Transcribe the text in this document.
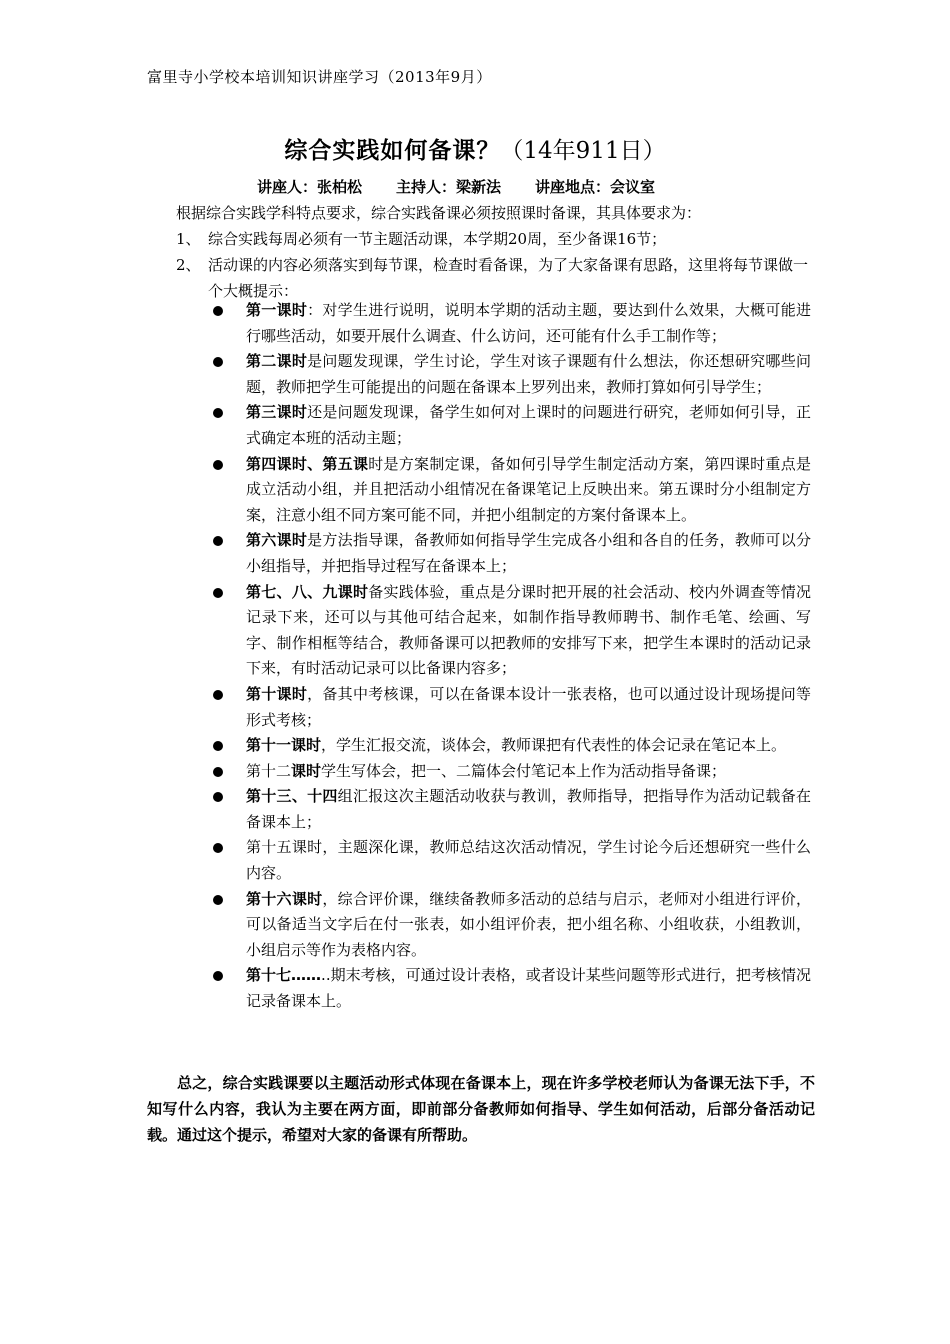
富里寺小学校本培训知识讲座学习（2013年9月）
综合实践如何备课？（14年911日）
讲座人：张柏松 主持人：梁新法 讲座地点：会议室
根据综合实践学科特点要求，综合实践备课必须按照课时备课，其具体要求为：
1、 综合实践每周必须有一节主题活动课，本学期20周，至少备课16节；
2、 活动课的内容必须落实到每节课，检查时看备课，为了大家备课有思路，这里将每节课做一个大概提示：
第一课时：对学生进行说明，说明本学期的活动主题，要达到什么效果，大概可能进行哪些活动，如要开展什么调查、什么访问，还可能有什么手工制作等；
第二课时是问题发现课，学生讨论，学生对该子课题有什么想法，你还想研究哪些问题，教师把学生可能提出的问题在备课本上罗列出来，教师打算如何引导学生；
第三课时还是问题发现课，备学生如何对上课时的问题进行研究，老师如何引导，正式确定本班的活动主题；
第四课时、第五课时是方案制定课，备如何引导学生制定活动方案，第四课时重点是成立活动小组，并且把活动小组情况在备课笔记上反映出来。第五课时分小组制定方案，注意小组不同方案可能不同，并把小组制定的方案付备课本上。
第六课时是方法指导课，备教师如何指导学生完成各小组和各自的任务，教师可以分小组指导，并把指导过程写在备课本上；
第七、八、九课时备实践体验，重点是分课时把开展的社会活动、校内外调查等情况记录下来，还可以与其他可结合起来，如制作指导教师聘书、制作毛笔、绘画、写字、制作相框等结合，教师备课可以把教师的安排写下来，把学生本课时的活动记录下来，有时活动记录可以比备课内容多；
第十课时，备其中考核课，可以在备课本设计一张表格，也可以通过设计现场提问等形式考核；
第十一课时，学生汇报交流，谈体会，教师课把有代表性的体会记录在笔记本上。
第十二课时学生写体会，把一、二篇体会付笔记本上作为活动指导备课；
第十三、十四组汇报这次主题活动收获与教训，教师指导，把指导作为活动记载备在备课本上；
第十五课时，主题深化课，教师总结这次活动情况，学生讨论今后还想研究一些什么内容。
第十六课时，综合评价课，继续备教师多活动的总结与启示，老师对小组进行评价，可以备适当文字后在付一张表，如小组评价表，把小组名称、小组收获，小组教训，小组启示等作为表格内容。
第十七……..期末考核，可通过设计表格，或者设计某些问题等形式进行，把考核情况记录备课本上。
总之，综合实践课要以主题活动形式体现在备课本上，现在许多学校老师认为备课无法下手，不知写什么内容，我认为主要在两方面，即前部分备教师如何指导、学生如何活动，后部分备活动记载。通过这个提示，希望对大家的备课有所帮助。
